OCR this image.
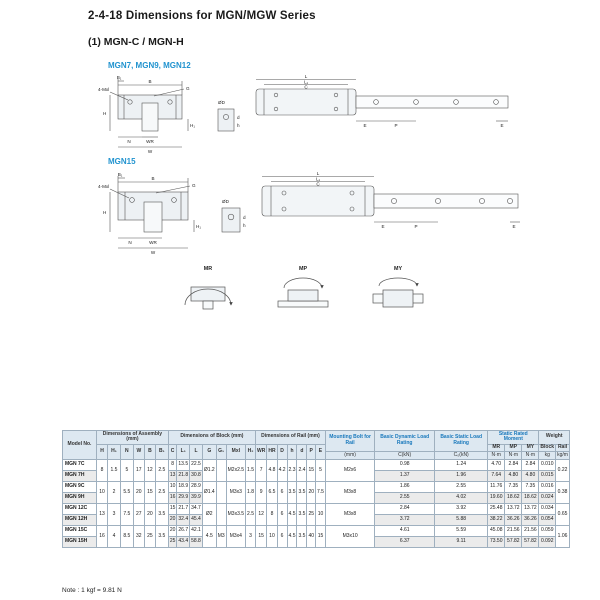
2-4-18 Dimensions for MGN/MGW Series
(1) MGN-C / MGN-H
MGN7, MGN9, MGN12
4-Mxl
B₁
B
G
H
H₁
N	WR
W
ØD
d
h
L
L₁
C
E	P	E
MGN15
4-Mxl
B₁
B
G
H
H₁
N	WR
W
ØD
d
h
L
L₁
C
E	P	E
MR	MP	MY
Model No.	Dimensions of Assembly (mm)						Dimensions of Block (mm)							Dimensions of Rail (mm)							Mounting Bolt for Rail	Basic Dynamic Load Rating	Basic Static Load Rating	Static Rated Moment			Weight	
	H	H₁	N	W	B	B₁	C	L₁	L	G	G₁	Mxl	H₂	WR	HR	D	h	d	P	E				MR	MP	MY	Block	Rail
																					(mm)	C(kN)	C₀(kN)	N·m	N·m	N·m	kg	kg/m
MGN 7C	8	1.5	5	17	12	2.5	8	13.5	22.5	Ø1.2		M2x2.5	1.5	7	4.8	4.2	2.3	2.4	15	5	M2x6	0.98	1.24	4.70	2.84	2.84	0.010	0.22
MGN 7H							13	21.8	30.8													1.37	1.96	7.64	4.80	4.80	0.015	
MGN 9C	10	2	5.5	20	15	2.5	10	18.9	28.9	Ø1.4		M3x3	1.8	9	6.5	6	3.5	3.5	20	7.5	M3x8	1.86	2.55	11.76	7.35	7.35	0.016	0.38
MGN 9H							16	29.9	39.9													2.55	4.02	19.60	18.62	18.62	0.024	
MGN 12C	13	3	7.5	27	20	3.5	15	21.7	34.7	Ø2		M3x3.5	2.5	12	8	6	4.5	3.5	25	10	M3x8	2.84	3.92	25.48	13.72	13.72	0.034	0.65
MGN 12H							20	32.4	45.4													3.72	5.88	38.22	36.26	36.26	0.054	
MGN 15C	16	4	8.5	32	25	3.5	20	26.7	42.1	4.5	M3	M3x4	3	15	10	6	4.5	3.5	40	15	M3x10	4.61	5.59	45.08	21.56	21.56	0.059	1.06
MGN 15H							25	43.4	58.8													6.37	9.11	73.50	57.82	57.82	0.092	
Note : 1 kgf = 9.81 N
